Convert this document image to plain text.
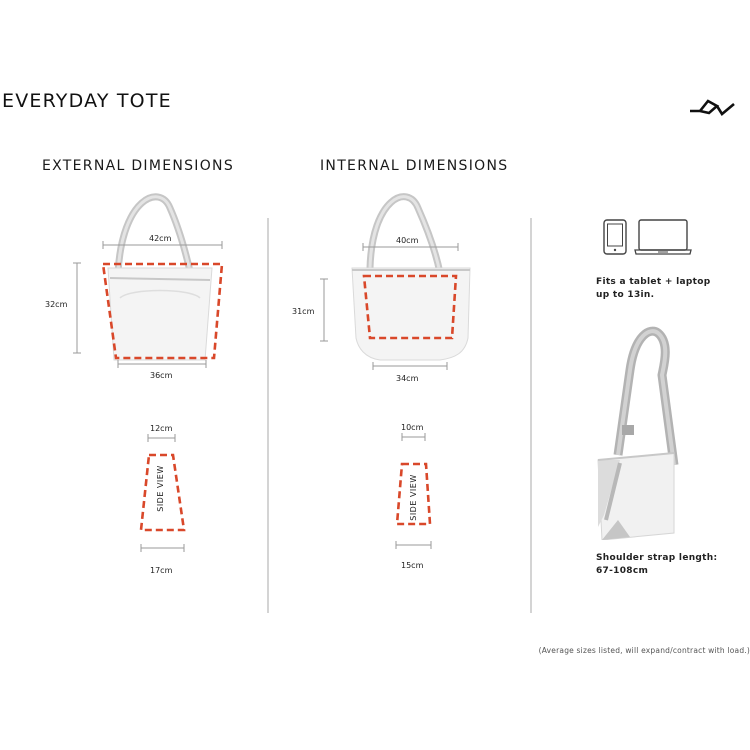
EVERYDAY TOTE
EXTERNAL DIMENSIONS	INTERNAL DIMENSIONS
42cm
32cm
36cm
12cm
SIDE VIEW
17cm
40cm
31cm
34cm
10cm
SIDE VIEW
15cm
Fits a tablet + laptop
up to 13in.
Shoulder strap length:
67-108cm
(Average sizes listed, will expand/contract with load.)
